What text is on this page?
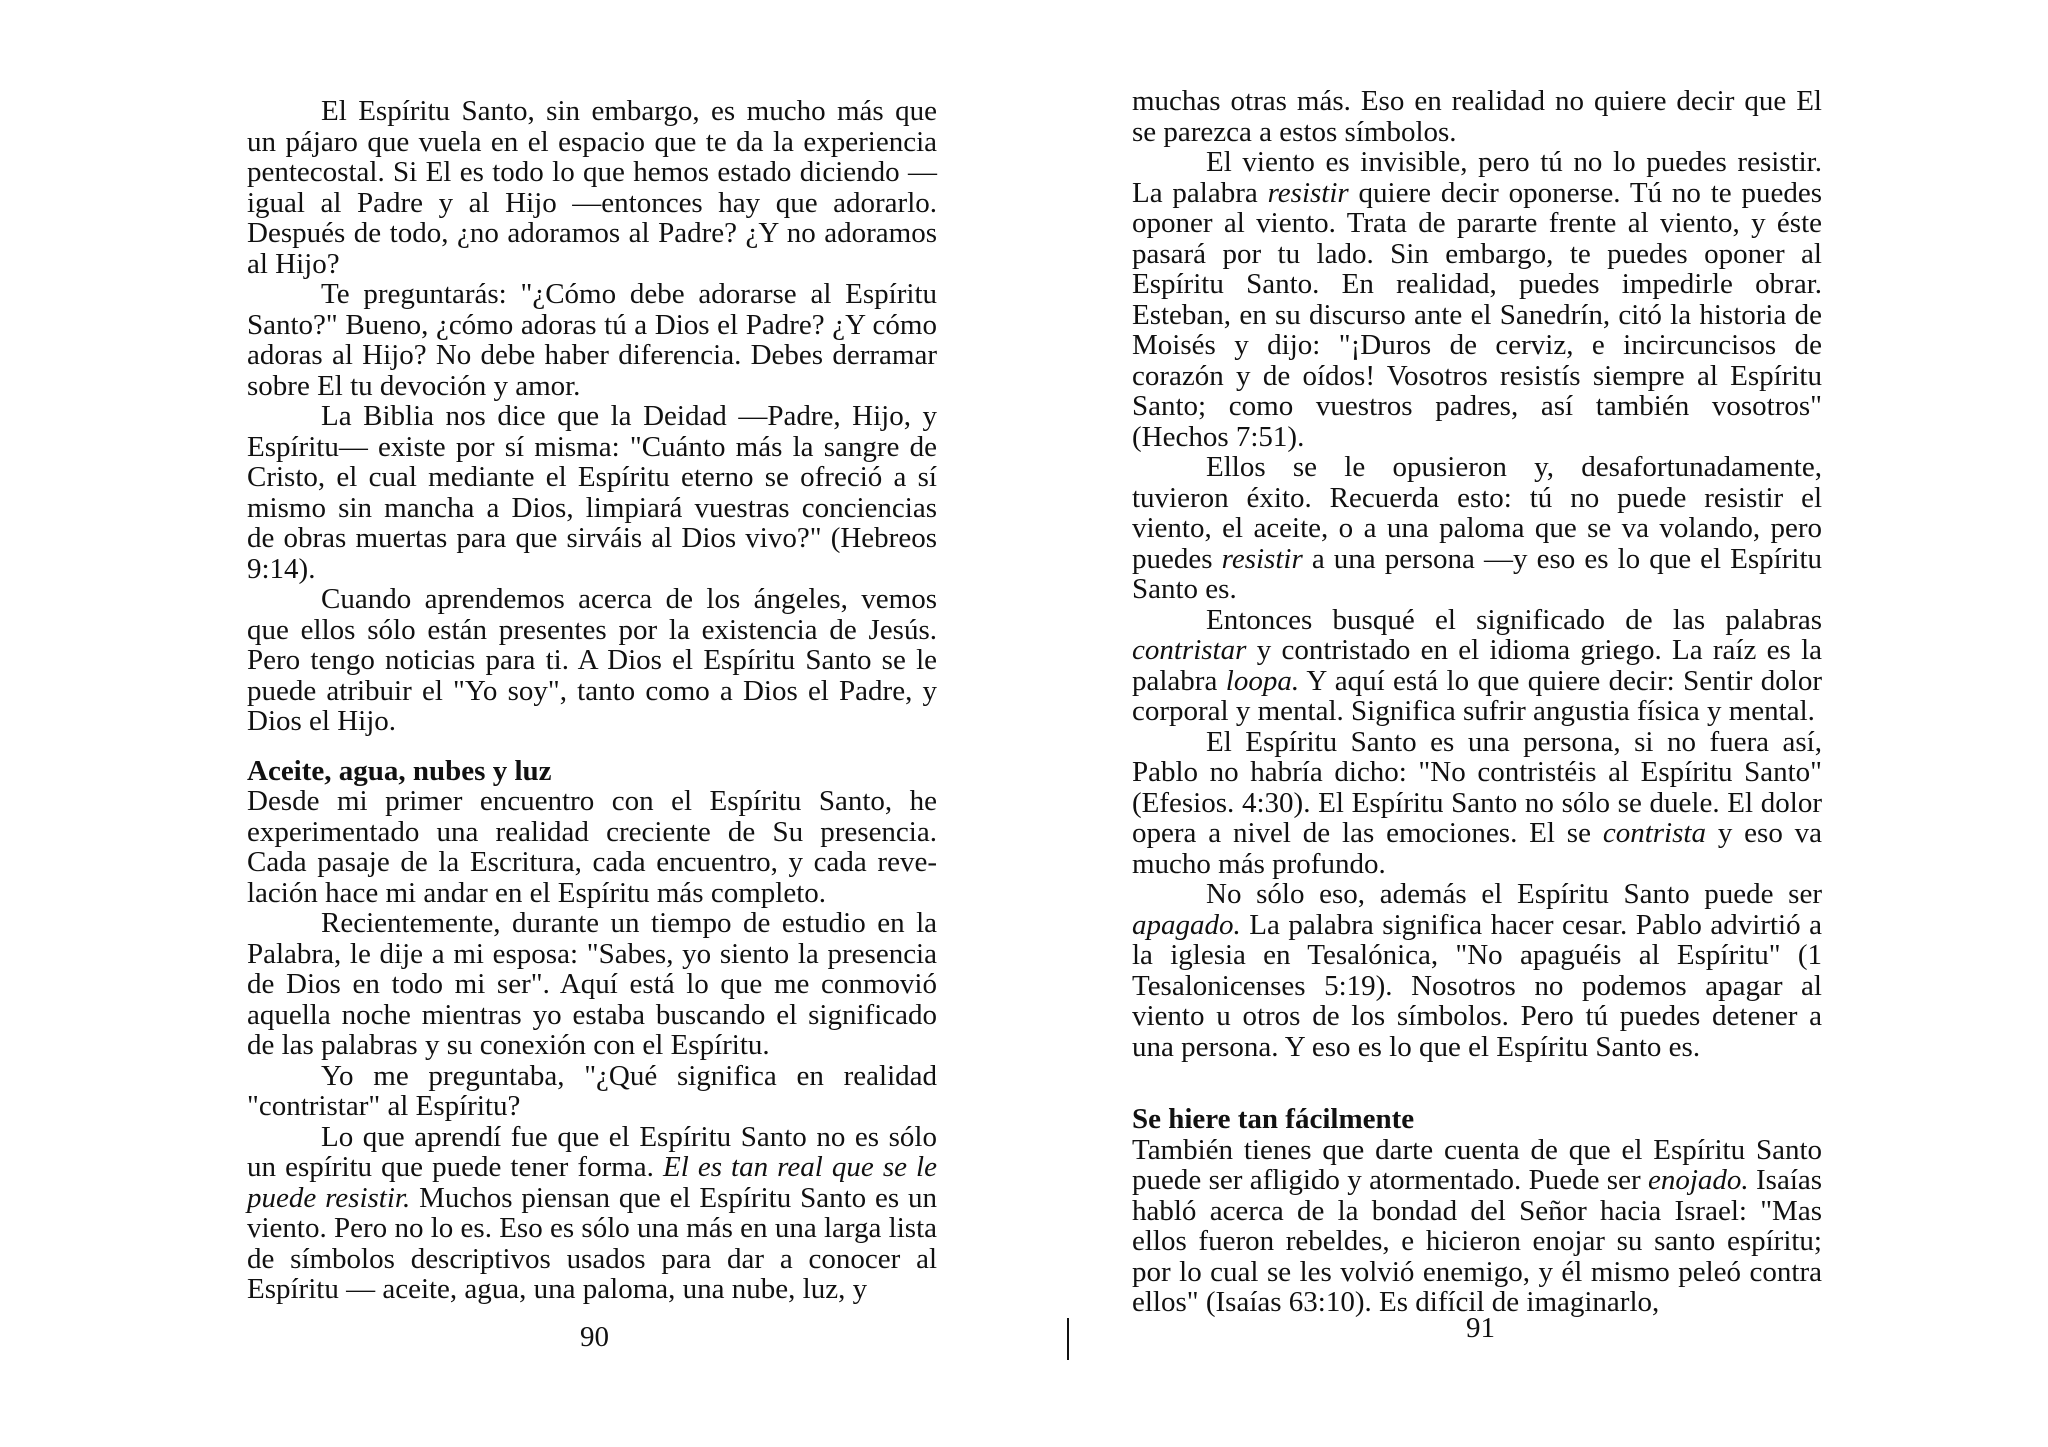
El Espíritu Santo, sin embargo, es mucho más que un pájaro que vuela en el espacio que te da la experiencia pentecostal. Si El es todo lo que hemos estado diciendo —igual al Padre y al Hijo —entonces hay que adorarlo. Después de todo, ¿no adoramos al Padre? ¿Y no adoramos al Hijo?

Te preguntarás: "¿Cómo debe adorarse al Espíritu Santo?" Bueno, ¿cómo adoras tú a Dios el Padre? ¿Y cómo adoras al Hijo? No debe haber diferencia. Debes derramar sobre El tu devoción y amor.

La Biblia nos dice que la Deidad —Padre, Hijo, y Espíritu— existe por sí misma: "Cuánto más la sangre de Cristo, el cual mediante el Espíritu eterno se ofreció a sí mismo sin mancha a Dios, limpiará vuestras conciencias de obras muertas para que sirváis al Dios vivo?" (Hebreos 9:14).

Cuando aprendemos acerca de los ángeles, vemos que ellos sólo están presentes por la existencia de Jesús. Pero tengo noticias para ti. A Dios el Espíritu Santo se le puede atribuir el "Yo soy", tanto como a Dios el Padre, y Dios el Hijo.

Aceite, agua, nubes y luz

Desde mi primer encuentro con el Espíritu Santo, he experimentado una realidad creciente de Su presencia. Cada pasaje de la Escritura, cada encuentro, y cada reve-lación hace mi andar en el Espíritu más completo.

Recientemente, durante un tiempo de estudio en la Palabra, le dije a mi esposa: "Sabes, yo siento la presencia de Dios en todo mi ser". Aquí está lo que me conmovió aquella noche mientras yo estaba buscando el significado de las palabras y su conexión con el Espíritu.

Yo me preguntaba, "¿Qué significa en realidad "contristar" al Espíritu?

Lo que aprendí fue que el Espíritu Santo no es sólo un espíritu que puede tener forma. El es tan real que se le puede resistir. Muchos piensan que el Espíritu Santo es un viento. Pero no lo es. Eso es sólo una más en una larga lista de símbolos descriptivos usados para dar a conocer al Espíritu — aceite, agua, una paloma, una nube, luz, y

90

muchas otras más. Eso en realidad no quiere decir que El se parezca a estos símbolos.

El viento es invisible, pero tú no lo puedes resistir. La palabra resistir quiere decir oponerse. Tú no te puedes oponer al viento. Trata de pararte frente al viento, y éste pasará por tu lado. Sin embargo, te puedes oponer al Espíritu Santo. En realidad, puedes impedirle obrar. Esteban, en su discurso ante el Sanedrín, citó la historia de Moisés y dijo: "¡Duros de cerviz, e incircuncisos de corazón y de oídos! Vosotros resistís siempre al Espíritu Santo; como vuestros padres, así también vosotros" (Hechos 7:51).

Ellos se le opusieron y, desafortunadamente, tuvieron éxito. Recuerda esto: tú no puede resistir el viento, el aceite, o a una paloma que se va volando, pero puedes resistir a una persona —y eso es lo que el Espíritu Santo es.

Entonces busqué el significado de las palabras contristar y contristado en el idioma griego. La raíz es la palabra loopa. Y aquí está lo que quiere decir: Sentir dolor corporal y mental. Significa sufrir angustia física y mental.

El Espíritu Santo es una persona, si no fuera así, Pablo no habría dicho: "No contristéis al Espíritu Santo" (Efesios. 4:30). El Espíritu Santo no sólo se duele. El dolor opera a nivel de las emociones. El se contrista y eso va mucho más profundo.

No sólo eso, además el Espíritu Santo puede ser apagado. La palabra significa hacer cesar. Pablo advirtió a la iglesia en Tesalónica, "No apaguéis al Espíritu" (1 Tesalonicenses 5:19). Nosotros no podemos apagar al viento u otros de los símbolos. Pero tú puedes detener a una persona. Y eso es lo que el Espíritu Santo es.

Se hiere tan fácilmente

También tienes que darte cuenta de que el Espíritu Santo puede ser afligido y atormentado. Puede ser enojado. Isaías habló acerca de la bondad del Señor hacia Israel: "Mas ellos fueron rebeldes, e hicieron enojar su santo espíritu; por lo cual se les volvió enemigo, y él mismo peleó contra ellos" (Isaías 63:10). Es difícil de imaginarlo,

91
